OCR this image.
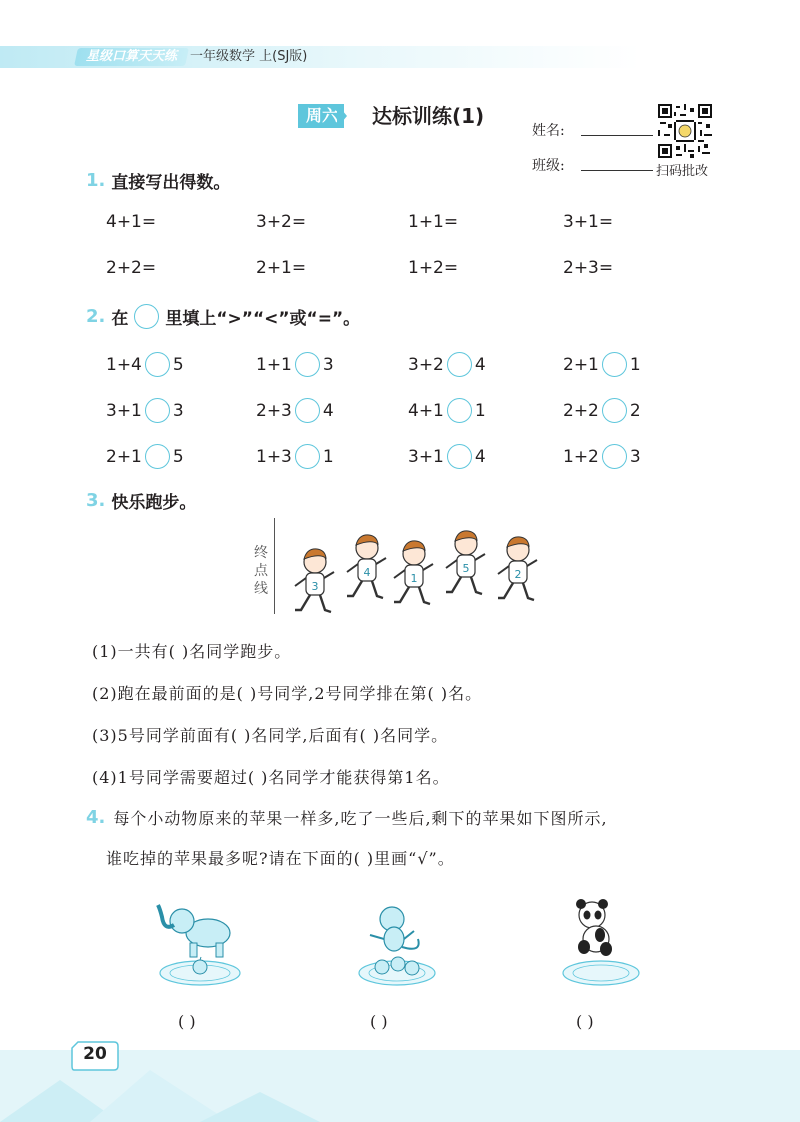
星级口算天天练 一年级数学 上(SJ版)
周六	达标训练(1)
姓名:
班级:	扫码批改
1. 直接写出得数。
4+1=	3+2=	1+1=	3+1=
2+2=	2+1=	1+2=	2+3=
2. 在 里填上“>”“<”或“=”。
1+4 5	1+1 3	3+2 4	2+1 1
3+1 3	2+3 4	4+1 1	2+2 2
2+1 5	1+3 1	3+1 4	1+2 3
3. 快乐跑步。
终点线	3
4	1
5	2
(1)一共有( )名同学跑步。
(2)跑在最前面的是( )号同学,2号同学排在第( )名。
(3)5号同学前面有( )名同学,后面有( )名同学。
(4)1号同学需要超过( )名同学才能获得第1名。
4. 每个小动物原来的苹果一样多,吃了一些后,剩下的苹果如下图所示,
谁吃掉的苹果最多呢?请在下面的( )里画“√”。
( )	( )	( )
20
